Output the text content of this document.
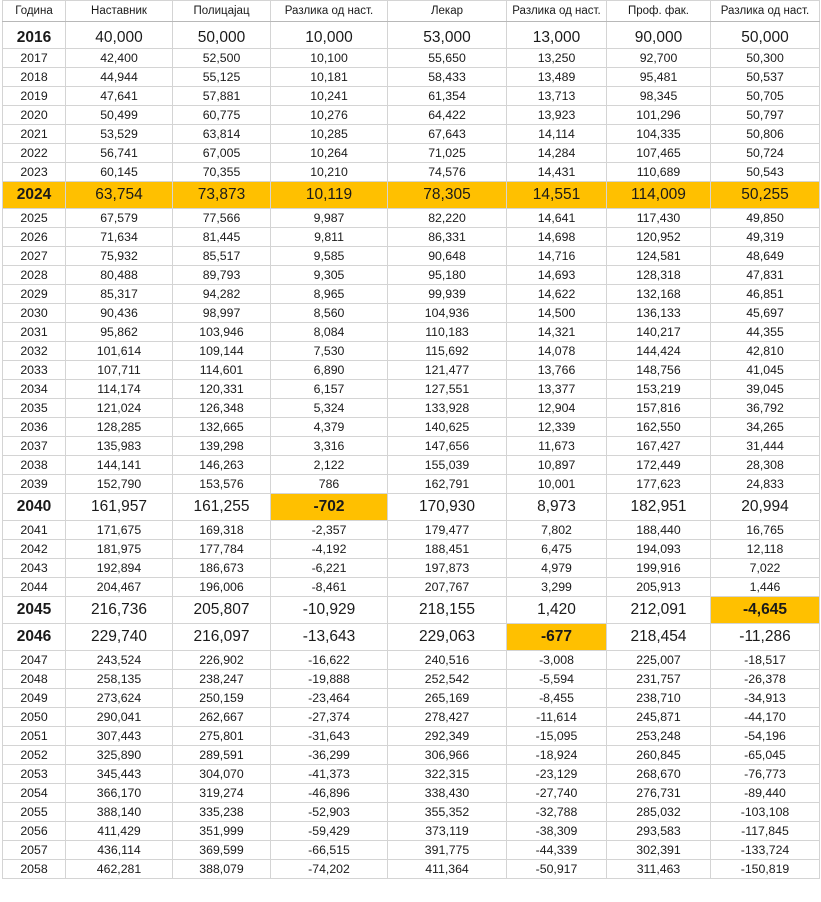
Година	Наставник	Полицајац	Разлика од наст.	Лекар	Разлика од наст.	Проф. фак.	Разлика од наст.
2016	40,000	50,000	10,000	53,000	13,000	90,000	50,000
2017	42,400	52,500	10,100	55,650	13,250	92,700	50,300
2018	44,944	55,125	10,181	58,433	13,489	95,481	50,537
2019	47,641	57,881	10,241	61,354	13,713	98,345	50,705
2020	50,499	60,775	10,276	64,422	13,923	101,296	50,797
2021	53,529	63,814	10,285	67,643	14,114	104,335	50,806
2022	56,741	67,005	10,264	71,025	14,284	107,465	50,724
2023	60,145	70,355	10,210	74,576	14,431	110,689	50,543
2024	63,754	73,873	10,119	78,305	14,551	114,009	50,255
2025	67,579	77,566	9,987	82,220	14,641	117,430	49,850
2026	71,634	81,445	9,811	86,331	14,698	120,952	49,319
2027	75,932	85,517	9,585	90,648	14,716	124,581	48,649
2028	80,488	89,793	9,305	95,180	14,693	128,318	47,831
2029	85,317	94,282	8,965	99,939	14,622	132,168	46,851
2030	90,436	98,997	8,560	104,936	14,500	136,133	45,697
2031	95,862	103,946	8,084	110,183	14,321	140,217	44,355
2032	101,614	109,144	7,530	115,692	14,078	144,424	42,810
2033	107,711	114,601	6,890	121,477	13,766	148,756	41,045
2034	114,174	120,331	6,157	127,551	13,377	153,219	39,045
2035	121,024	126,348	5,324	133,928	12,904	157,816	36,792
2036	128,285	132,665	4,379	140,625	12,339	162,550	34,265
2037	135,983	139,298	3,316	147,656	11,673	167,427	31,444
2038	144,141	146,263	2,122	155,039	10,897	172,449	28,308
2039	152,790	153,576	786	162,791	10,001	177,623	24,833
2040	161,957	161,255	-702	170,930	8,973	182,951	20,994
2041	171,675	169,318	-2,357	179,477	7,802	188,440	16,765
2042	181,975	177,784	-4,192	188,451	6,475	194,093	12,118
2043	192,894	186,673	-6,221	197,873	4,979	199,916	7,022
2044	204,467	196,006	-8,461	207,767	3,299	205,913	1,446
2045	216,736	205,807	-10,929	218,155	1,420	212,091	-4,645
2046	229,740	216,097	-13,643	229,063	-677	218,454	-11,286
2047	243,524	226,902	-16,622	240,516	-3,008	225,007	-18,517
2048	258,135	238,247	-19,888	252,542	-5,594	231,757	-26,378
2049	273,624	250,159	-23,464	265,169	-8,455	238,710	-34,913
2050	290,041	262,667	-27,374	278,427	-11,614	245,871	-44,170
2051	307,443	275,801	-31,643	292,349	-15,095	253,248	-54,196
2052	325,890	289,591	-36,299	306,966	-18,924	260,845	-65,045
2053	345,443	304,070	-41,373	322,315	-23,129	268,670	-76,773
2054	366,170	319,274	-46,896	338,430	-27,740	276,731	-89,440
2055	388,140	335,238	-52,903	355,352	-32,788	285,032	-103,108
2056	411,429	351,999	-59,429	373,119	-38,309	293,583	-117,845
2057	436,114	369,599	-66,515	391,775	-44,339	302,391	-133,724
2058	462,281	388,079	-74,202	411,364	-50,917	311,463	-150,819
